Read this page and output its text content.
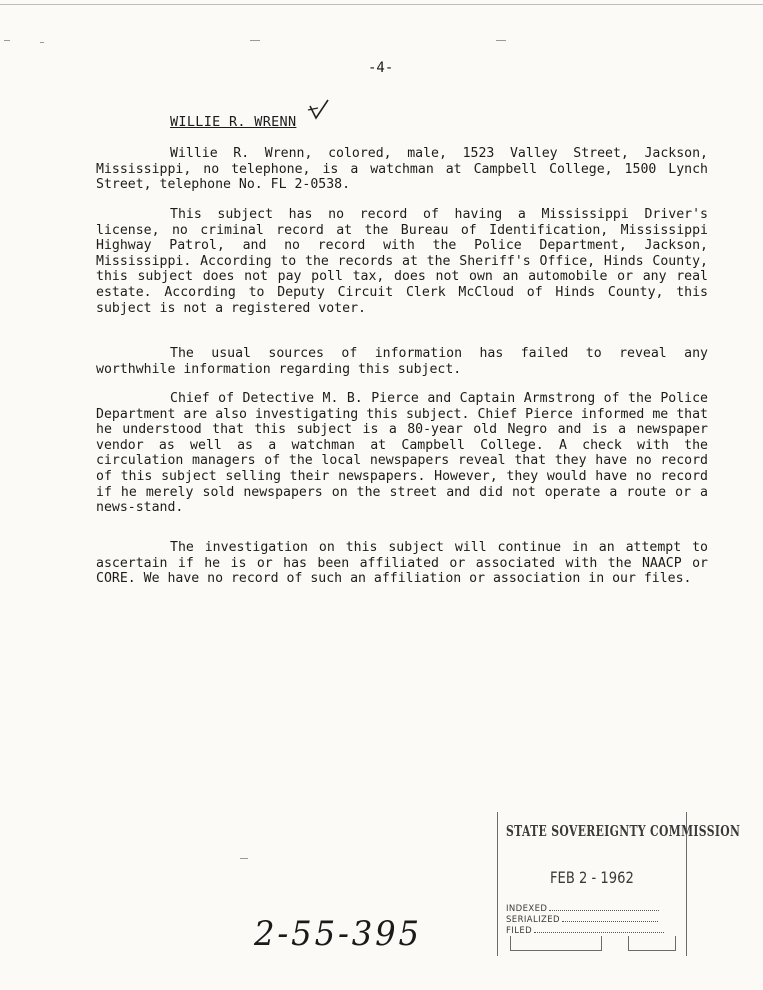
-4-
WILLIE R. WRENN

Willie R. Wrenn, colored, male, 1523 Valley Street, Jackson, Mississippi, no telephone, is a watchman at Campbell College, 1500 Lynch Street, telephone No. FL 2-0538.

This subject has no record of having a Mississippi Driver's license, no criminal record at the Bureau of Identification, Mississippi Highway Patrol, and no record with the Police Department, Jackson, Mississippi. According to the records at the Sheriff's Office, Hinds County, this subject does not pay poll tax, does not own an automobile or any real estate. According to Deputy Circuit Clerk McCloud of Hinds County, this subject is not a registered voter.

The usual sources of information has failed to reveal any worthwhile information regarding this subject.

Chief of Detective M. B. Pierce and Captain Armstrong of the Police Department are also investigating this subject. Chief Pierce informed me that he understood that this subject is a 80-year old Negro and is a newspaper vendor as well as a watchman at Campbell College. A check with the circulation managers of the local newspapers reveal that they have no record of this subject selling their newspapers. However, they would have no record if he merely sold newspapers on the street and did not operate a route or a news-stand.

The investigation on this subject will continue in an attempt to ascertain if he is or has been affiliated or associated with the NAACP or CORE. We have no record of such an affiliation or association in our files.

STATE SOVEREIGNTY COMMISSION
FEB 2 - 1962
INDEXED
SERIALIZED
FILED
2-55-395
